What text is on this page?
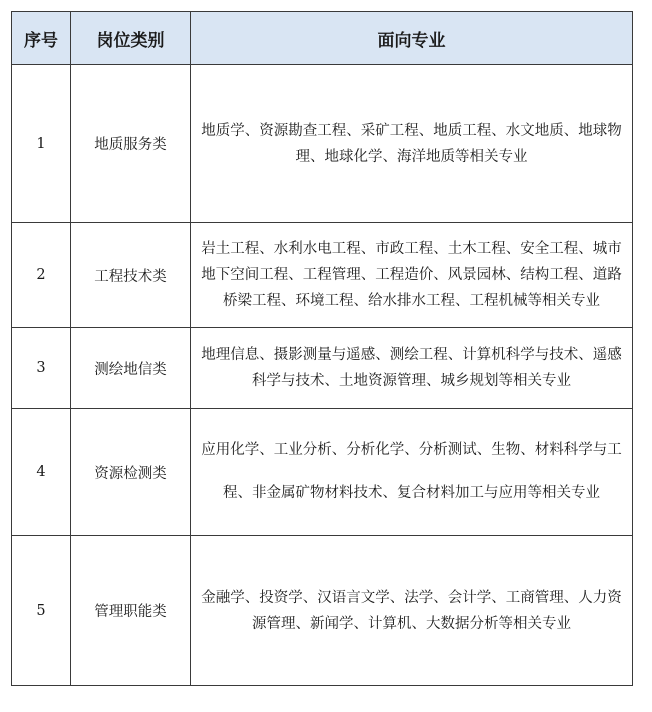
序号	岗位类别	面向专业
1	地质服务类	地质学、资源勘查工程、采矿工程、地质工程、水文地质、地球物理、地球化学、海洋地质等相关专业
2	工程技术类	岩土工程、水利水电工程、市政工程、土木工程、安全工程、城市地下空间工程、工程管理、工程造价、风景园林、结构工程、道路桥梁工程、环境工程、给水排水工程、工程机械等相关专业
3	测绘地信类	地理信息、摄影测量与遥感、测绘工程、计算机科学与技术、遥感科学与技术、土地资源管理、城乡规划等相关专业
4	资源检测类	应用化学、工业分析、分析化学、分析测试、生物、材料科学与工程、非金属矿物材料技术、复合材料加工与应用等相关专业
5	管理职能类	金融学、投资学、汉语言文学、法学、会计学、工商管理、人力资源管理、新闻学、计算机、大数据分析等相关专业
